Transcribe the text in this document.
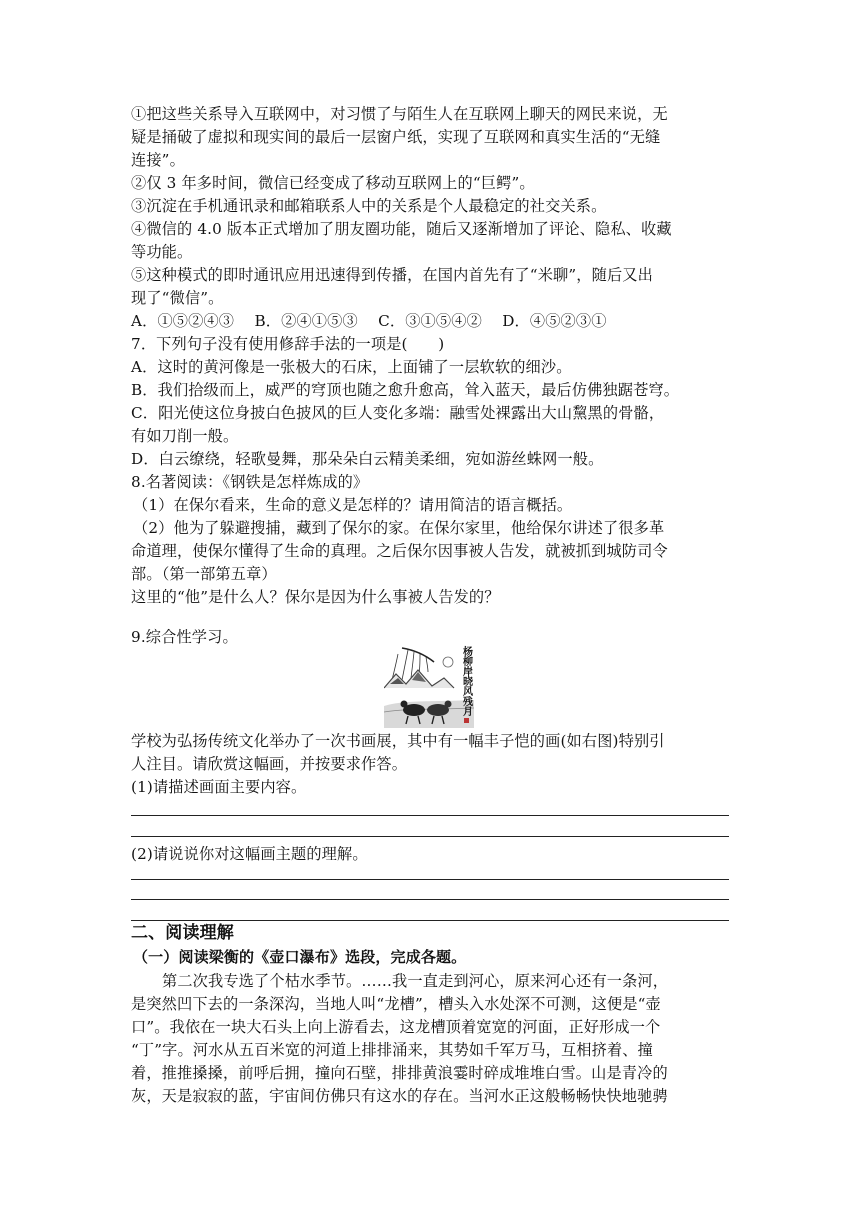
①把这些关系导入互联网中，对习惯了与陌生人在互联网上聊天的网民来说，无
疑是捅破了虚拟和现实间的最后一层窗户纸，实现了互联网和真实生活的“无缝
连接”。
②仅 3 年多时间，微信已经变成了移动互联网上的“巨鳄”。
③沉淀在手机通讯录和邮箱联系人中的关系是个人最稳定的社交关系。
④微信的 4.0 版本正式增加了朋友圈功能，随后又逐渐增加了评论、隐私、收藏
等功能。
⑤这种模式的即时通讯应用迅速得到传播，在国内首先有了“米聊”，随后又出
现了“微信”。
A．①⑤②④③　 B．②④①⑤③　 C．③①⑤④②　 D．④⑤②③①
7．下列句子没有使用修辞手法的一项是(　　)
A．这时的黄河像是一张极大的石床，上面铺了一层软软的细沙。
B．我们拾级而上，威严的穹顶也随之愈升愈高，耸入蓝天，最后仿佛独踞苍穹。
C．阳光使这位身披白色披风的巨人变化多端：融雪处裸露出大山黧黑的骨骼，
有如刀削一般。
D．白云缭绕，轻歌曼舞，那朵朵白云精美柔细，宛如游丝蛛网一般。
8.名著阅读：《钢铁是怎样炼成的》
（1）在保尔看来，生命的意义是怎样的？请用简洁的语言概括。
（2）他为了躲避搜捕，藏到了保尔的家。在保尔家里，他给保尔讲述了很多革
命道理，使保尔懂得了生命的真理。之后保尔因事被人告发，就被抓到城防司令
部。（第一部第五章）
这里的“他”是什么人？保尔是因为什么事被人告发的？
9.综合性学习。
杨柳岸晓风残月
学校为弘扬传统文化举办了一次书画展，其中有一幅丰子恺的画(如右图)特别引
人注目。请欣赏这幅画，并按要求作答。
(1)请描述画面主要内容。
(2)请说说你对这幅画主题的理解。
二、阅读理解
（一）阅读梁衡的《壶口瀑布》选段，完成各题。
第二次我专选了个枯水季节。……我一直走到河心，原来河心还有一条河，
是突然凹下去的一条深沟，当地人叫“龙槽”，槽头入水处深不可测，这便是“壶
口”。我依在一块大石头上向上游看去，这龙槽顶着宽宽的河面，正好形成一个
“丁”字。河水从五百米宽的河道上排排涌来，其势如千军万马，互相挤着、撞
着，推推搡搡，前呼后拥，撞向石壁，排排黄浪霎时碎成堆堆白雪。山是青冷的
灰，天是寂寂的蓝，宇宙间仿佛只有这水的存在。当河水正这般畅畅快快地驰骋
